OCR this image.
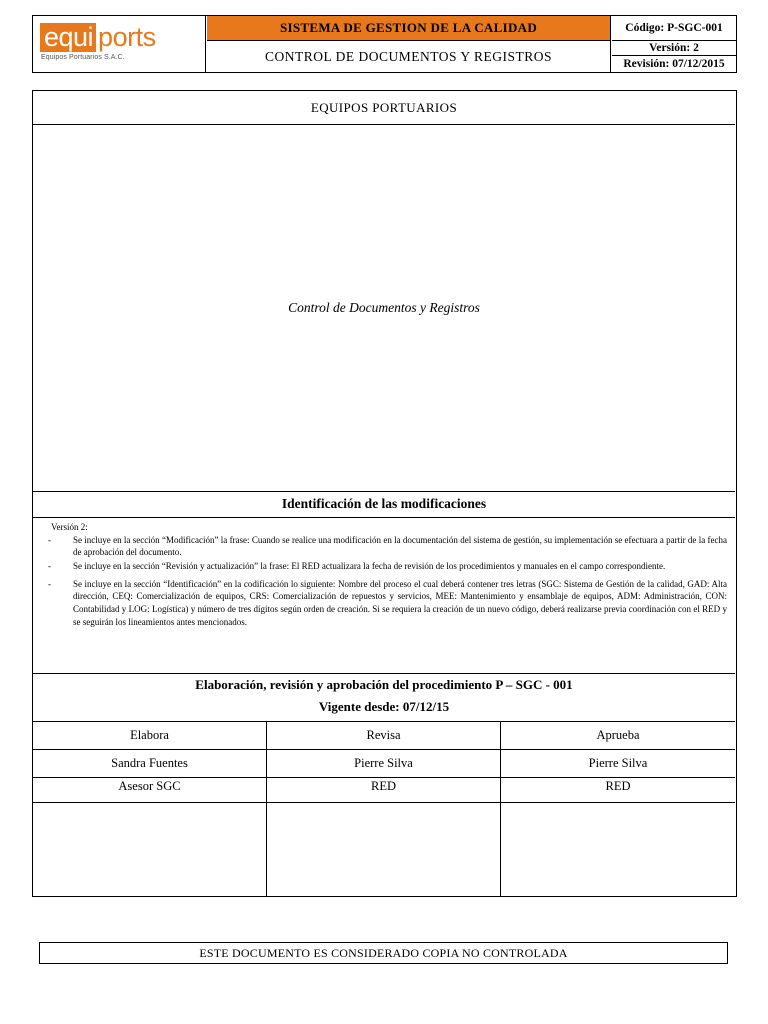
equi ports
Equipos Portuarios S.A.C.
SISTEMA DE GESTION DE LA CALIDAD
CONTROL DE DOCUMENTOS Y REGISTROS
Código: P-SGC-001
Versión: 2
Revisión: 07/12/2015
EQUIPOS PORTUARIOS
Control de Documentos y Registros
Identificación de las modificaciones
Versión 2:
- Se incluye en la sección “Modificación” la frase: Cuando se realice una modificación en la documentación del sistema de gestión, su implementación se efectuara a partir de la fecha de aprobación del documento.
- Se incluye en la sección “Revisión y actualización” la frase: El RED actualizara la fecha de revisión de los procedimientos y manuales en el campo correspondiente.
- Se incluye en la sección “Identificación” en la codificación lo siguiente: Nombre del proceso el cual deberá contener tres letras (SGC: Sistema de Gestión de la calidad, GAD: Alta dirección, CEQ: Comercialización de equipos, CRS: Comercialización de repuestos y servicios, MEE: Mantenimiento y ensamblaje de equipos, ADM: Administración, CON: Contabilidad y LOG: Logística) y número de tres dígitos según orden de creación. Si se requiera la creación de un nuevo código, deberá realizarse previa coordinación con el RED y se seguirán los lineamientos antes mencionados.
Elaboración, revisión y aprobación del procedimiento P – SGC - 001
Vigente desde: 07/12/15
Elabora	Revisa	Aprueba
Sandra Fuentes	Pierre Silva	Pierre Silva
Asesor SGC	RED	RED
ESTE DOCUMENTO ES CONSIDERADO COPIA NO CONTROLADA
